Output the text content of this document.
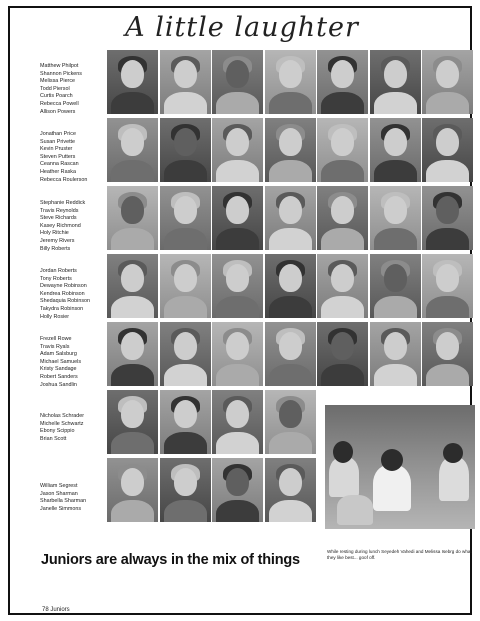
A little laughter
Matthew Philpot
Shannon Pickens
Melissa Pierce
Todd Piersol
Curtis Poarch
Rebecca Powell
Allison Powers
Jonathan Price
Susan Privette
Kevin Pruster
Steven Putters
Ceanna Rascan
Heather Raska
Rebecca Roulerson
Stephanie Reddick
Travis Reynolds
Steve Richards
Kasey Richmond
Holy Ritchie
Jeremy Rivers
Billy Roberts
Jordan Roberts
Tony Roberts
Dewayne Robinson
Kendrea Robinson
Shedaquia Robinson
Takydra Robinson
Holly Rosier
Frezell Rowe
Travis Ryals
Adam Salsburg
Michael Samuels
Kristy Sandage
Robert Sanders
Joshua Sandlin
Nicholas Schrader
Michelle Schwartz
Ebony Scippio
Brian Scott
William Segrest
Jason Sharman
Sharbella Sharman
Janelle Simmons
Juniors are always in the mix of things
While resting during lunch Seyedeh Vahedi and Melissa Isebrg do what they like best... goof off.
78 Juniors
